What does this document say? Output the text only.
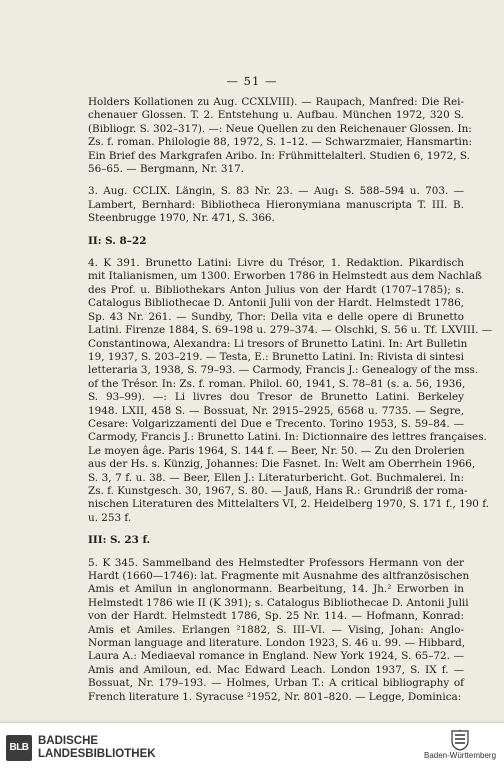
— 51 —
Holders Kollationen zu Aug. CCXLVIII). — Raupach, Manfred: Die Rei-
chenauer Glossen. T. 2. Entstehung u. Aufbau. München 1972, 320 S.
(Bibliogr. S. 302–317). —: Neue Quellen zu den Reichenauer Glossen. In:
Zs. f. roman. Philologie 88, 1972, S. 1–12. — Schwarzmaier, Hansmartin:
Ein Brief des Markgrafen Aribo. In: Frühmittelalterl. Studien 6, 1972, S.
56–65. — Bergmann, Nr. 317.
3. Aug. CCLIX. Längin, S. 83 Nr. 23. — Aug₁ S. 588–594 u. 703. —
Lambert, Bernhard: Bibliotheca Hieronymiana manuscripta T. III. B.
Steenbrugge 1970, Nr. 471, S. 366.
II: S. 8–22
4. K 391. Brunetto Latini: Livre du Trésor, 1. Redaktion. Pikardisch
mit Italianismen, um 1300. Erworben 1786 in Helmstedt aus dem Nachlaß
des Prof. u. Bibliothekars Anton Julius von der Hardt (1707–1785); s.
Catalogus Bibliothecae D. Antonii Julii von der Hardt. Helmstedt 1786,
Sp. 43 Nr. 261. — Sundby, Thor: Della vita e delle opere di Brunetto
Latini. Firenze 1884, S. 69–198 u. 279–374. — Olschki, S. 56 u. Tf. LXVIII. —
Constantinowa, Alexandra: Li tresors of Brunetto Latini. In: Art Bulletin
19, 1937, S. 203–219. — Testa, E.: Brunetto Latini. In: Rivista di sintesi
letteraria 3, 1938, S. 79–93. — Carmody, Francis J.: Genealogy of the mss.
of the Trésor. In: Zs. f. roman. Philol. 60, 1941, S. 78–81 (s. a. 56, 1936,
S. 93–99). —: Li livres dou Tresor de Brunetto Latini. Berkeley
1948. LXII, 458 S. — Bossuat, Nr. 2915–2925, 6568 u. 7735. — Segre,
Cesare: Volgarizzamenti del Due e Trecento. Torino 1953, S. 59–84. —
Carmody, Francis J.: Brunetto Latini. In: Dictionnaire des lettres françaises.
Le moyen âge. Paris 1964, S. 144 f. — Beer, Nr. 50. — Zu den Drolerien
aus der Hs. s. Künzig, Johannes: Die Fasnet. In: Welt am Oberrhein 1966,
S. 3, 7 f. u. 38. — Beer, Ellen J.: Literaturbericht. Got. Buchmalerei. In:
Zs. f. Kunstgesch. 30, 1967, S. 80. — Jauß, Hans R.: Grundriß der roma-
nischen Literaturen des Mittelalters VI, 2. Heidelberg 1970, S. 171 f., 190 f.
u. 253 f.
III: S. 23 f.
5. K 345. Sammelband des Helmstedter Professors Hermann von der
Hardt (1660—1746): lat. Fragmente mit Ausnahme des altfranzösischen
Amis et Amilun in anglonormann. Bearbeitung, 14. Jh.² Erworben in
Helmstedt 1786 wie II (K 391); s. Catalogus Bibliothecae D. Antonii Julii
von der Hardt. Helmstedt 1786, Sp. 25 Nr. 114. — Hofmann, Konrad:
Amis et Amiles. Erlangen ²1882, S. III–VI. — Vising, Johan: Anglo-
Norman language and literature. London 1923, S. 46 u. 99. — Hibbard,
Laura A.: Mediaeval romance in England. New York 1924, S. 65–72. —
Amis and Amiloun, ed. Mac Edward Leach. London 1937, S. IX f. —
Bossuat, Nr. 179–193. — Holmes, Urban T.: A critical bibliography of
French literature 1. Syracuse ²1952, Nr. 801–820. — Legge, Dominica:
BLB
BADISCHE
LANDESBIBLIOTHEK	Baden-Württemberg
